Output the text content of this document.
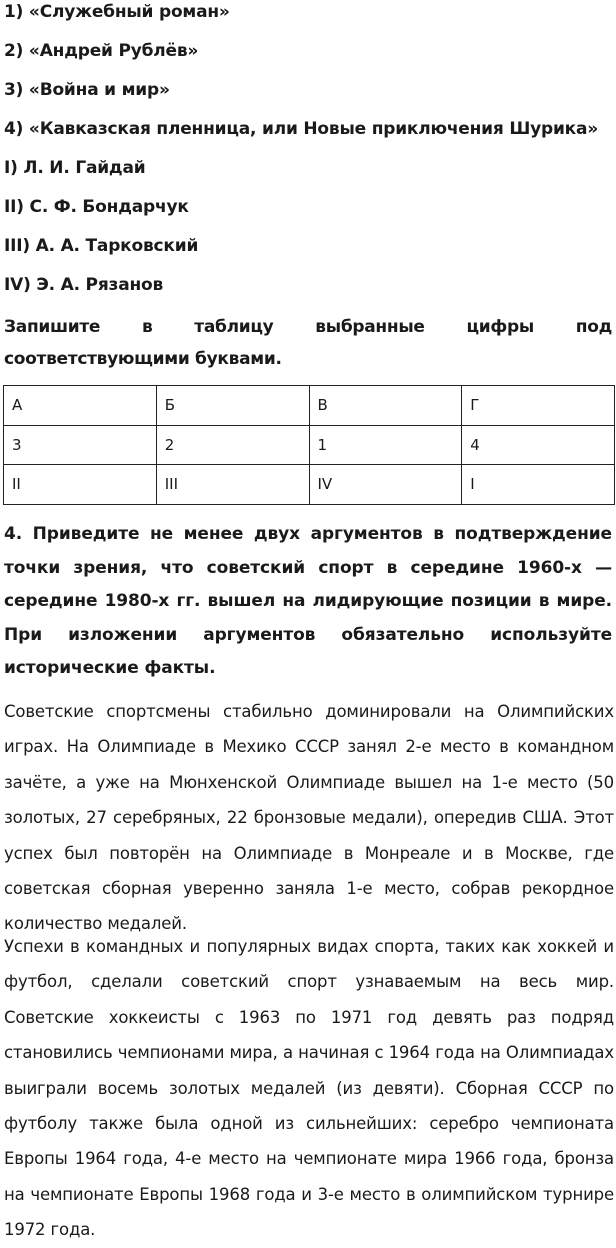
1) «Служебный роман»
2) «Андрей Рублёв»
3) «Война и мир»
4) «Кавказская пленница, или Новые приключения Шурика»
I) Л. И. Гайдай
II) С. Ф. Бондарчук
III) А. А. Тарковский
IV) Э. А. Рязанов
Запишите в таблицу выбранные цифры под соответствующими буквами.
А	Б	В	Г
3	2	1	4
II	III	IV	I
4. Приведите не менее двух аргументов в подтверждение точки зрения, что советский спорт в середине 1960-х — середине 1980-х гг. вышел на лидирующие позиции в мире. При изложении аргументов обязательно используйте исторические факты.
Советские спортсмены стабильно доминировали на Олимпийских играх. На Олимпиаде в Мехико СССР занял 2-е место в командном зачёте, а уже на Мюнхенской Олимпиаде вышел на 1-е место (50 золотых, 27 серебряных, 22 бронзовые медали), опередив США. Этот успех был повторён на Олимпиаде в Монреале и в Москве, где советская сборная уверенно заняла 1-е место, собрав рекордное количество медалей.
Успехи в командных и популярных видах спорта, таких как хоккей и футбол, сделали советский спорт узнаваемым на весь мир. Советские хоккеисты с 1963 по 1971 год девять раз подряд становились чемпионами мира, а начиная с 1964 года на Олимпиадах выиграли восемь золотых медалей (из девяти). Сборная СССР по футболу также была одной из сильнейших: серебро чемпионата Европы 1964 года, 4-е место на чемпионате мира 1966 года, бронза на чемпионате Европы 1968 года и 3-е место в олимпийском турнире 1972 года.
